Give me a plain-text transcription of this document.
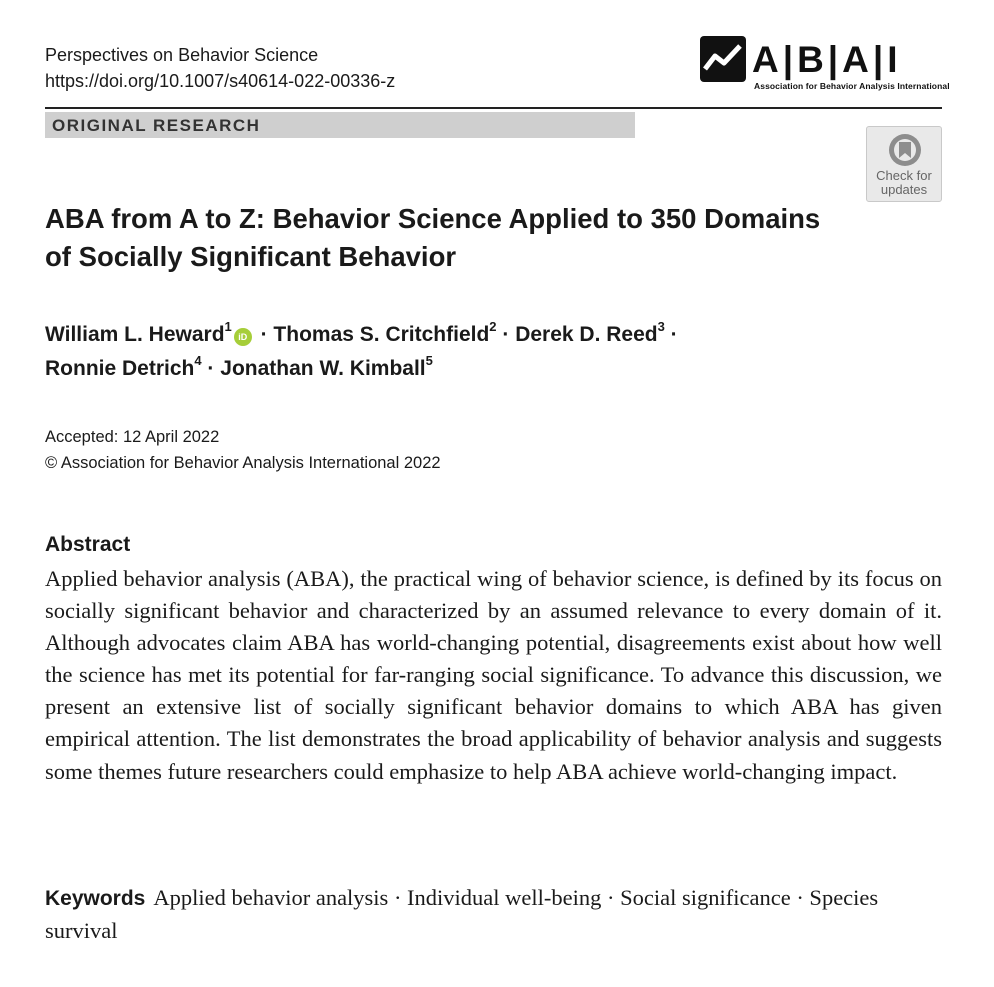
Perspectives on Behavior Science
https://doi.org/10.1007/s40614-022-00336-z
A|B|A|I
Association for Behavior Analysis International
ORIGINAL RESEARCH
Check for
updates
ABA from A to Z: Behavior Science Applied to 350 Domains
of Socially Significant Behavior
William L. Heward$^1$iD · Thomas S. Critchfield$^2$ · Derek D. Reed$^3$ ·
Ronnie Detrich$^4$ · Jonathan W. Kimball$^5$
Accepted: 12 April 2022
© Association for Behavior Analysis International 2022
Abstract
Applied behavior analysis (ABA), the practical wing of behavior science, is defined by its focus on socially significant behavior and characterized by an assumed relevance to every domain of it. Although advocates claim ABA has world-changing potential, disagreements exist about how well the science has met its potential for far-ranging social significance. To advance this discussion, we present an extensive list of socially significant behavior domains to which ABA has given empirical attention. The list demonstrates the broad applicability of behavior analysis and suggests some themes future researchers could emphasize to help ABA achieve world-changing impact.
Keywords Applied behavior analysis · Individual well-being · Social significance · Species survival
